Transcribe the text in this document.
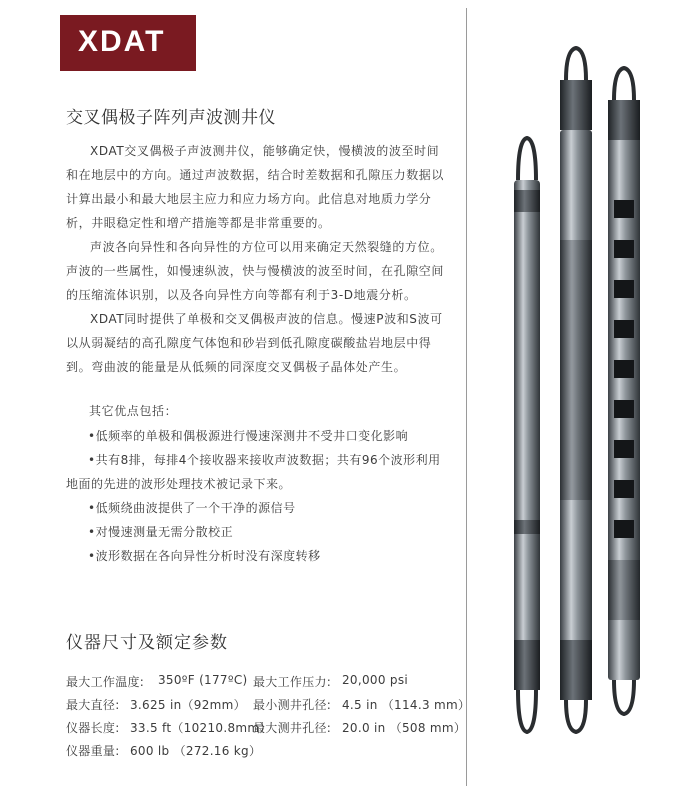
XDAT
交叉偶极子阵列声波测井仪

XDAT交叉偶极子声波测井仪，能够确定快，慢横波的波至时间和在地层中的方向。通过声波数据，结合时差数据和孔隙压力数据以计算出最小和最大地层主应力和应力场方向。此信息对地质力学分析，井眼稳定性和增产措施等都是非常重要的。

声波各向异性和各向异性的方位可以用来确定天然裂缝的方位。声波的一些属性，如慢速纵波，快与慢横波的波至时间，在孔隙空间的压缩流体识别，以及各向异性方向等都有利于3-D地震分析。

XDAT同时提供了单极和交叉偶极声波的信息。慢速P波和S波可以从弱凝结的高孔隙度气体饱和砂岩到低孔隙度碳酸盐岩地层中得到。弯曲波的能量是从低频的同深度交叉偶极子晶体处产生。

其它优点包括：

•低频率的单极和偶极源进行慢速深测井不受井口变化影响

•共有8排，每排4个接收器来接收声波数据；共有96个波形利用地面的先进的波形处理技术被记录下来。

•低频绕曲波提供了一个干净的源信号

•对慢速测量无需分散校正

•波形数据在各向异性分析时没有深度转移

仪器尺寸及额定参数
最大工作温度: 350ºF (177ºC) 最大工作压力: 20,000 psi
最大直径: 3.625 in（92mm） 最小测井孔径: 4.5 in （114.3 mm）
仪器长度: 33.5 ft（10210.8mm）
最大测井孔径: 20.0 in （508 mm）
仪器重量: 600 lb （272.16 kg）
